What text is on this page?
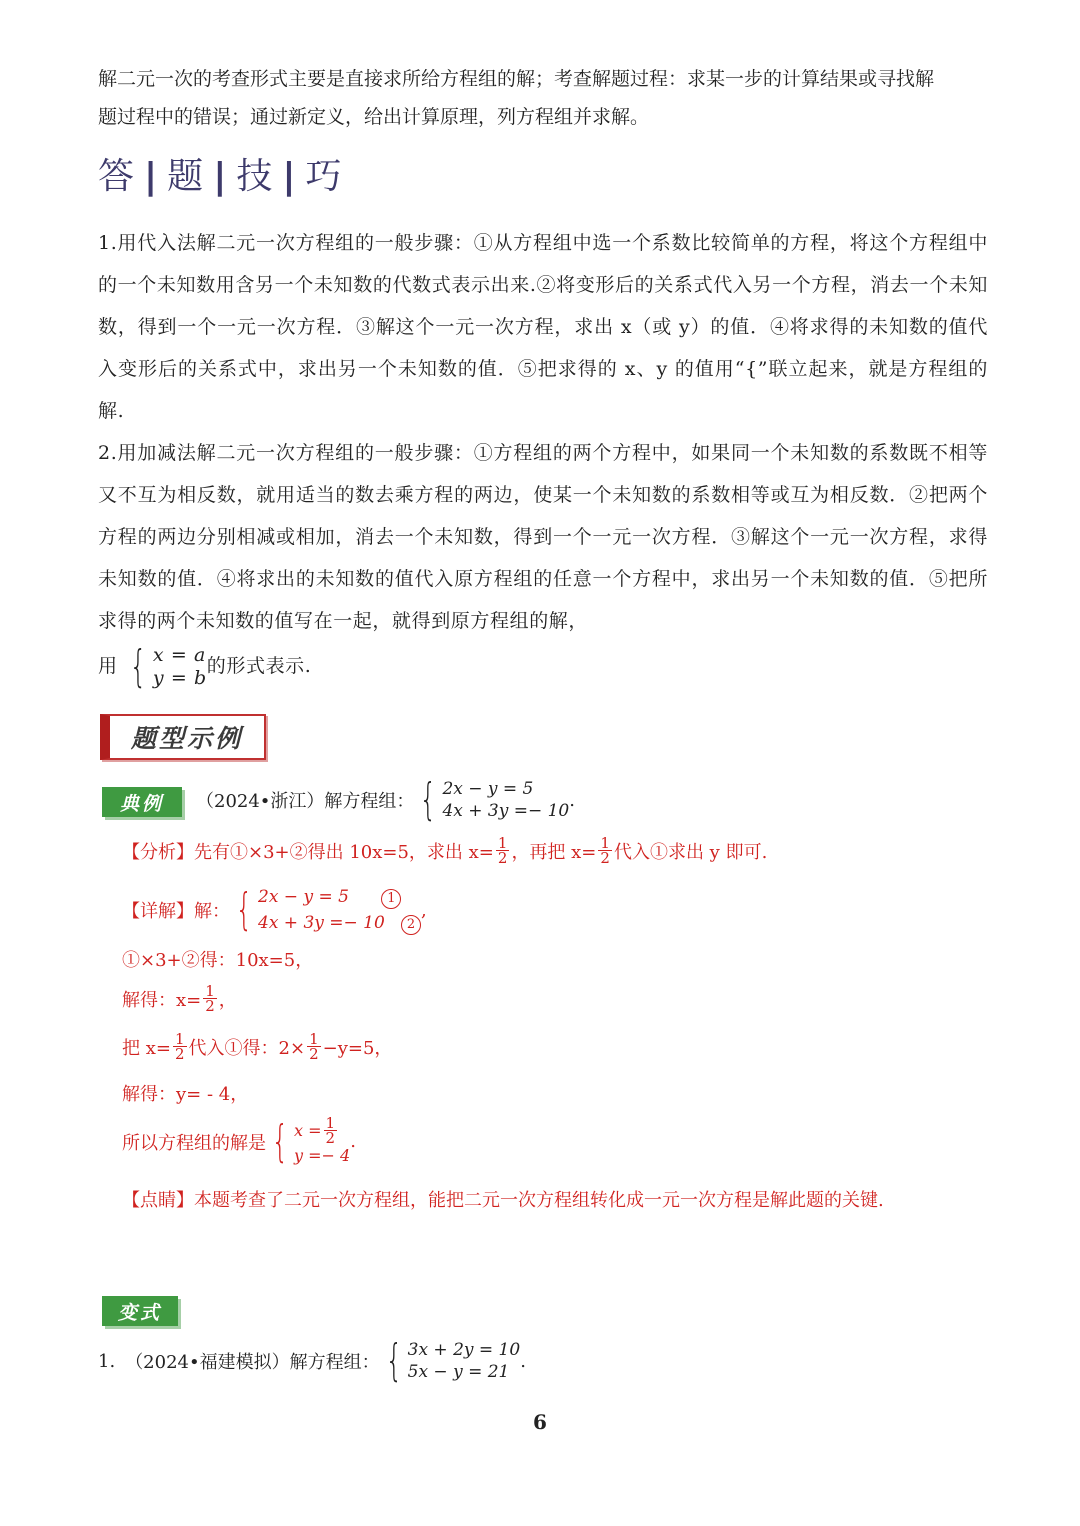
解二元一次的考查形式主要是直接求所给方程组的解；考查解题过程：求某一步的计算结果或寻找解
题过程中的错误；通过新定义，给出计算原理，列方程组并求解。
答 | 题 | 技 | 巧

1.用代入法解二元一次方程组的一般步骤：①从方程组中选一个系数比较简单的方程，将这个方程组中的一个未知数用含另一个未知数的代数式表示出来.②将变形后的关系式代入另一个方程，消去一个未知数，得到一个一元一次方程．③解这个一元一次方程，求出 x（或 y）的值．④将求得的未知数的值代入变形后的关系式中，求出另一个未知数的值．⑤把求得的 x、y 的值用“{”联立起来，就是方程组的解.

2.用加减法解二元一次方程组的一般步骤：①方程组的两个方程中，如果同一个未知数的系数既不相等又不互为相反数，就用适当的数去乘方程的两边，使某一个未知数的系数相等或互为相反数．②把两个方程的两边分别相减或相加，消去一个未知数，得到一个一元一次方程．③解这个一元一次方程，求得未知数的值．④将求出的未知数的值代入原方程组的任意一个方程中，求出另一个未知数的值．⑤把所求得的两个未知数的值写在一起，就得到原方程组的解，

用 { x = a
y = b
的形式表示.

题型示例
典例 （2024•浙江）解方程组： { 2x − y = 5
4x + 3y =− 10
.
【分析】 先有①×3+②得出 10x=5，求出 $x= \frac{1}{2}$ ，再把 $x= \frac{1}{2}$ 代入①求出 y 即可.
【详解】 解： { 2x − y = 5	1
4x + 3y =− 10 2
,
①×3+②得：10x=5，
解得：$x= \frac{1}{2}$ ，
把 $x= \frac{1}{2}$ 代入①得：$2\times \frac{1}{2} -y=5$，
解得：y= - 4，
所以方程组的解是 { $x = \frac{1}{2}$
y =− 4
.
【点睛】本题考查了二元一次方程组，能把二元一次方程组转化成一元一次方程是解此题的关键.
变式
1. （2024•福建模拟）解方程组： { 3x + 2y = 10
5x − y = 21
.
6
